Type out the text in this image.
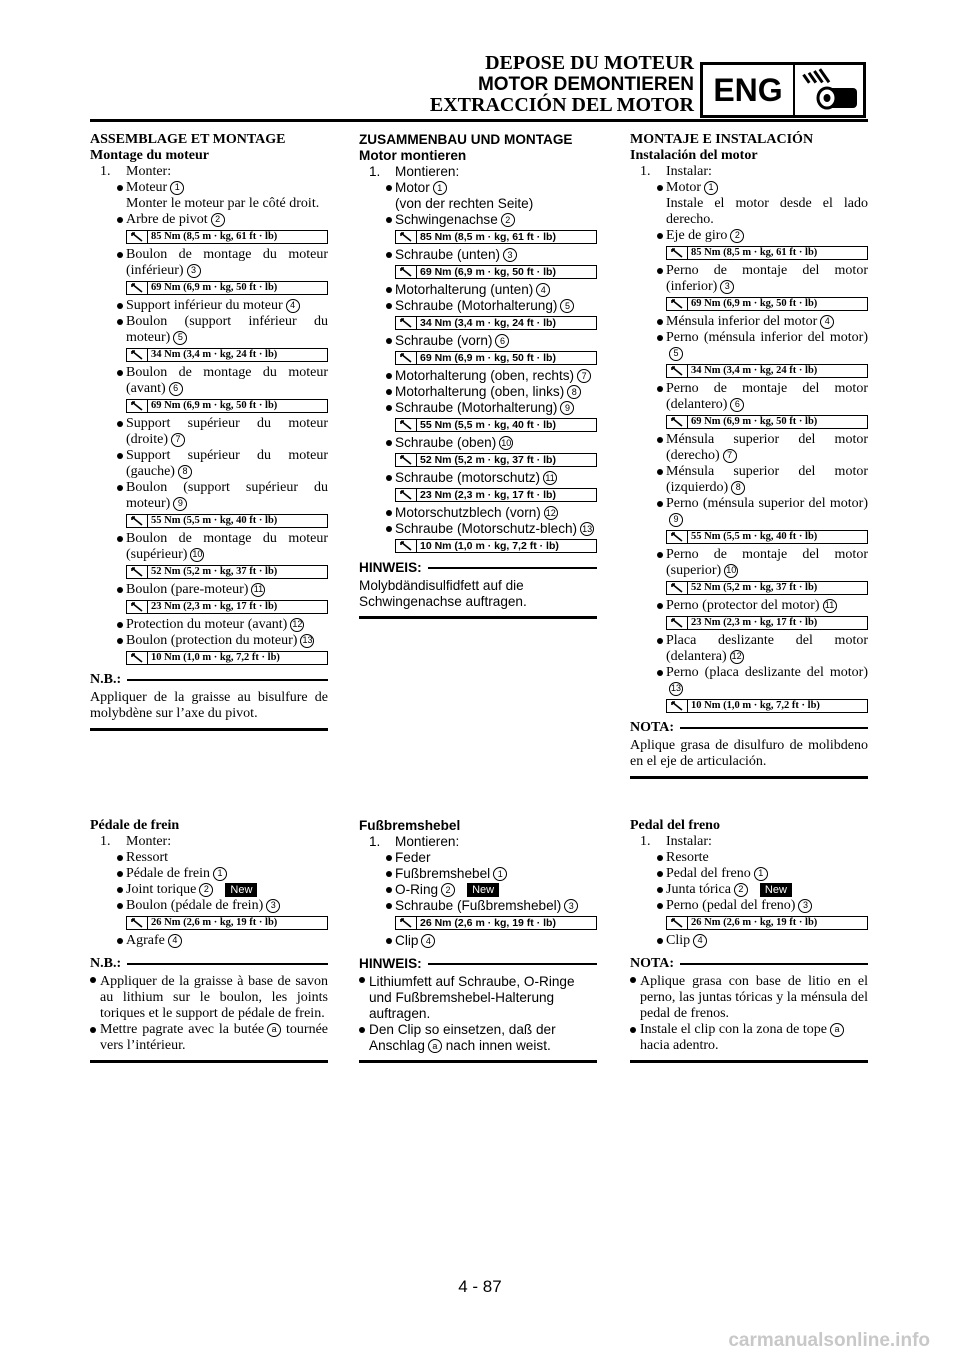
DEPOSE DU MOTEUR
MOTOR DEMONTIEREN
EXTRACCIÓN DEL MOTOR ENG
ASSEMBLAGE ET MONTAGE
Montage du moteur
1. Monter:
Moteur 1
Monter le moteur par le côté droit.
Arbre de pivot 2
85 Nm (8,5 m · kg, 61 ft · lb)
Boulon de montage du moteur (inférieur) 3
69 Nm (6,9 m · kg, 50 ft · lb)
Support inférieur du moteur 4
Boulon (support inférieur du moteur) 5
34 Nm (3,4 m · kg, 24 ft · lb)
Boulon de montage du moteur (avant) 6
69 Nm (6,9 m · kg, 50 ft · lb)
Support supérieur du moteur (droite) 7
Support supérieur du moteur (gauche) 8
Boulon (support supérieur du moteur) 9
55 Nm (5,5 m · kg, 40 ft · lb)
Boulon de montage du moteur (supérieur) 10
52 Nm (5,2 m · kg, 37 ft · lb)
Boulon (pare-moteur) 11
23 Nm (2,3 m · kg, 17 ft · lb)
Protection du moteur (avant) 12
Boulon (protection du moteur) 13
10 Nm (1,0 m · kg, 7,2 ft · lb)
N.B.:
Appliquer de la graisse au bisulfure de molybdène sur l’axe du pivot.
ZUSAMMENBAU UND MONTAGE
Motor montieren
1. Montieren:
Motor 1
(von der rechten Seite)
Schwingenachse 2
85 Nm (8,5 m · kg, 61 ft · lb)
Schraube (unten) 3
69 Nm (6,9 m · kg, 50 ft · lb)
Motorhalterung (unten) 4
Schraube (Motorhalterung) 5
34 Nm (3,4 m · kg, 24 ft · lb)
Schraube (vorn) 6
69 Nm (6,9 m · kg, 50 ft · lb)
Motorhalterung (oben, rechts) 7
Motorhalterung (oben, links) 8
Schraube (Motorhalterung) 9
55 Nm (5,5 m · kg, 40 ft · lb)
Schraube (oben) 10
52 Nm (5,2 m · kg, 37 ft · lb)
Schraube (motorschutz) 11
23 Nm (2,3 m · kg, 17 ft · lb)
Motorschutzblech (vorn) 12
Schraube (Motorschutz-blech) 13
10 Nm (1,0 m · kg, 7,2 ft · lb)
HINWEIS:
Molybdändisulfidfett auf die Schwingenachse auftragen.
MONTAJE E INSTALACIÓN
Instalación del motor
1. Instalar:
Motor 1
Instale el motor desde el lado derecho.
Eje de giro 2
85 Nm (8,5 m · kg, 61 ft · lb)
Perno de montaje del motor (inferior) 3
69 Nm (6,9 m · kg, 50 ft · lb)
Ménsula inferior del motor 4
Perno (ménsula inferior del motor)5
34 Nm (3,4 m · kg, 24 ft · lb)
Perno de montaje del motor (delantero) 6
69 Nm (6,9 m · kg, 50 ft · lb)
Ménsula superior del motor (derecho) 7
Ménsula superior del motor (izquierdo) 8
Perno (ménsula superior del motor)9
55 Nm (5,5 m · kg, 40 ft · lb)
Perno de montaje del motor (superior) 10
52 Nm (5,2 m · kg, 37 ft · lb)
Perno (protector del motor) 11
23 Nm (2,3 m · kg, 17 ft · lb)
Placa deslizante del motor (delantera) 12
Perno (placa deslizante del motor)13
10 Nm (1,0 m · kg, 7,2 ft · lb)
NOTA:
Aplique grasa de disulfuro de molibdeno en el eje de articulación.
Pédale de frein
1. Monter:
Ressort
Pédale de frein 1
Joint torique 2 New
Boulon (pédale de frein) 3
26 Nm (2,6 m · kg, 19 ft · lb)
Agrafe 4
N.B.:
Appliquer de la graisse à base de savon au lithium sur le boulon, les joints toriques et le support de pédale de frein.
Mettre pagrate avec la butée a tournée vers l’intérieur.
Fußbremshebel
1. Montieren:
Feder
Fußbremshebel 1
O-Ring 2 New
Schraube (Fußbremshebel) 3
26 Nm (2,6 m · kg, 19 ft · lb)
Clip 4
HINWEIS:
Lithiumfett auf Schraube, O-Ringe und Fußbremshebel-Halterung auftragen.
Den Clip so einsetzen, daß der Anschlag a nach innen weist.
Pedal del freno
1. Instalar:
Resorte
Pedal del freno 1
Junta tórica 2 New
Perno (pedal del freno) 3
26 Nm (2,6 m · kg, 19 ft · lb)
Clip 4
NOTA:
Aplique grasa con base de litio en el perno, las juntas tóricas y la ménsula del pedal de frenos.
Instale el clip con la zona de tope a hacia adentro.
4 - 87
carmanualsonline.info
